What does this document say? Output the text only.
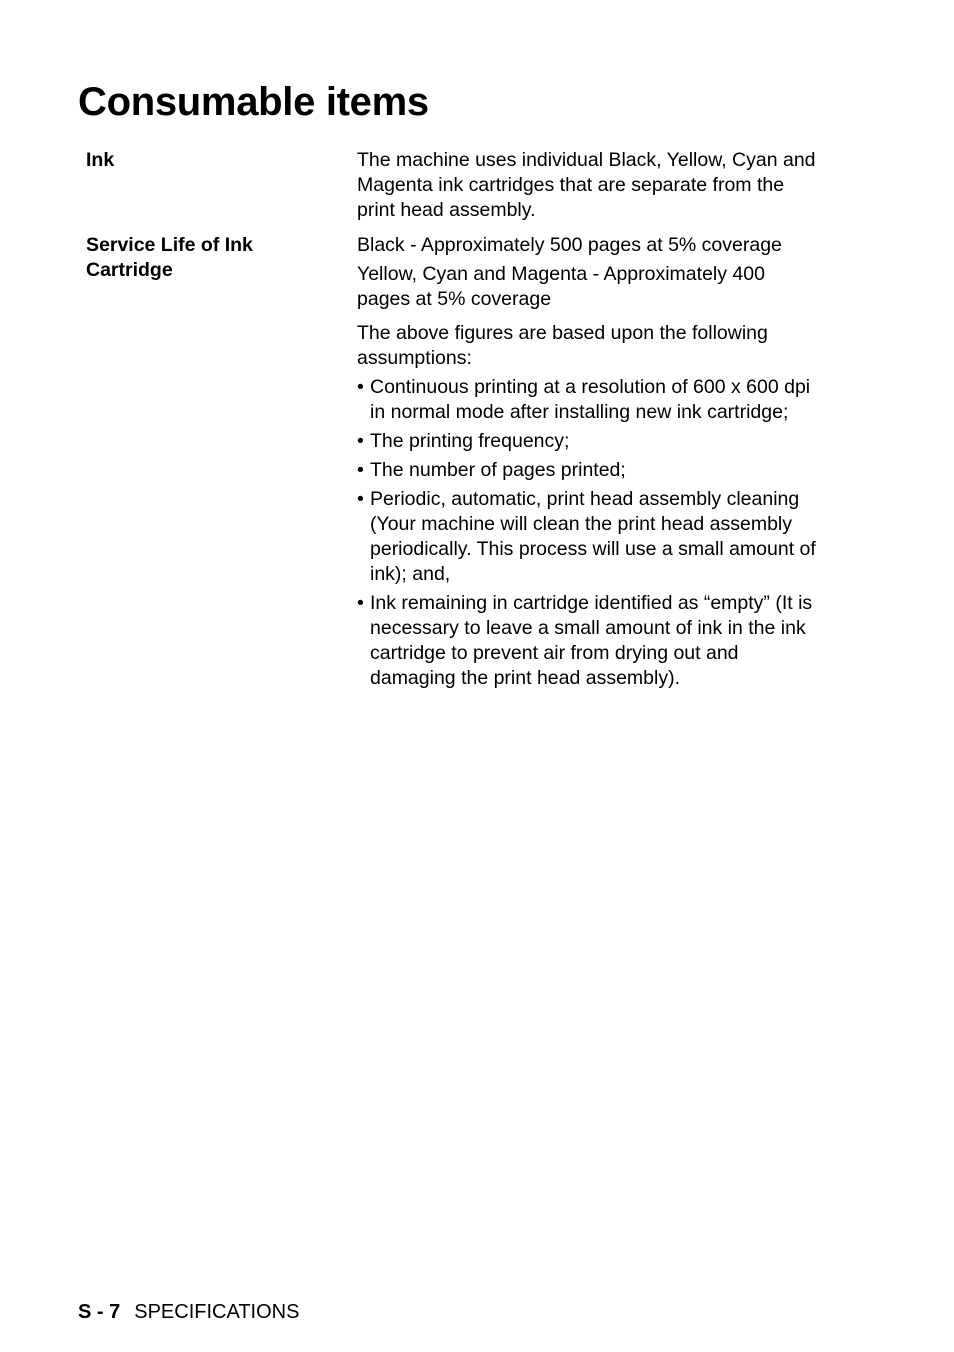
Consumable items
Ink	The machine uses individual Black, Yellow, Cyan and Magenta ink cartridges that are separate from the print head assembly.

Service Life of Ink Cartridge

Black - Approximately 500 pages at 5% coverage

Yellow, Cyan and Magenta - Approximately 400 pages at 5% coverage

The above figures are based upon the following assumptions:

• Continuous printing at a resolution of 600 x 600 dpi in normal mode after installing new ink cartridge;
• The printing frequency;
• The number of pages printed;
• Periodic, automatic, print head assembly cleaning (Your machine will clean the print head assembly periodically. This process will use a small amount of ink); and,
• Ink remaining in cartridge identified as “empty” (It is necessary to leave a small amount of ink in the ink cartridge to prevent air from drying out and damaging the print head assembly).
S - 7 SPECIFICATIONS
